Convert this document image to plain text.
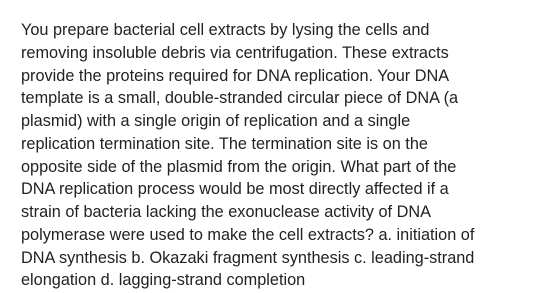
You prepare bacterial cell extracts by lysing the cells and
removing insoluble debris via centrifugation. These extracts
provide the proteins required for DNA replication. Your DNA
template is a small, double-stranded circular piece of DNA (a
plasmid) with a single origin of replication and a single
replication termination site. The termination site is on the
opposite side of the plasmid from the origin. What part of the
DNA replication process would be most directly affected if a
strain of bacteria lacking the exonuclease activity of DNA
polymerase were used to make the cell extracts? a. initiation of
DNA synthesis b. Okazaki fragment synthesis c. leading-strand
elongation d. lagging-strand completion
